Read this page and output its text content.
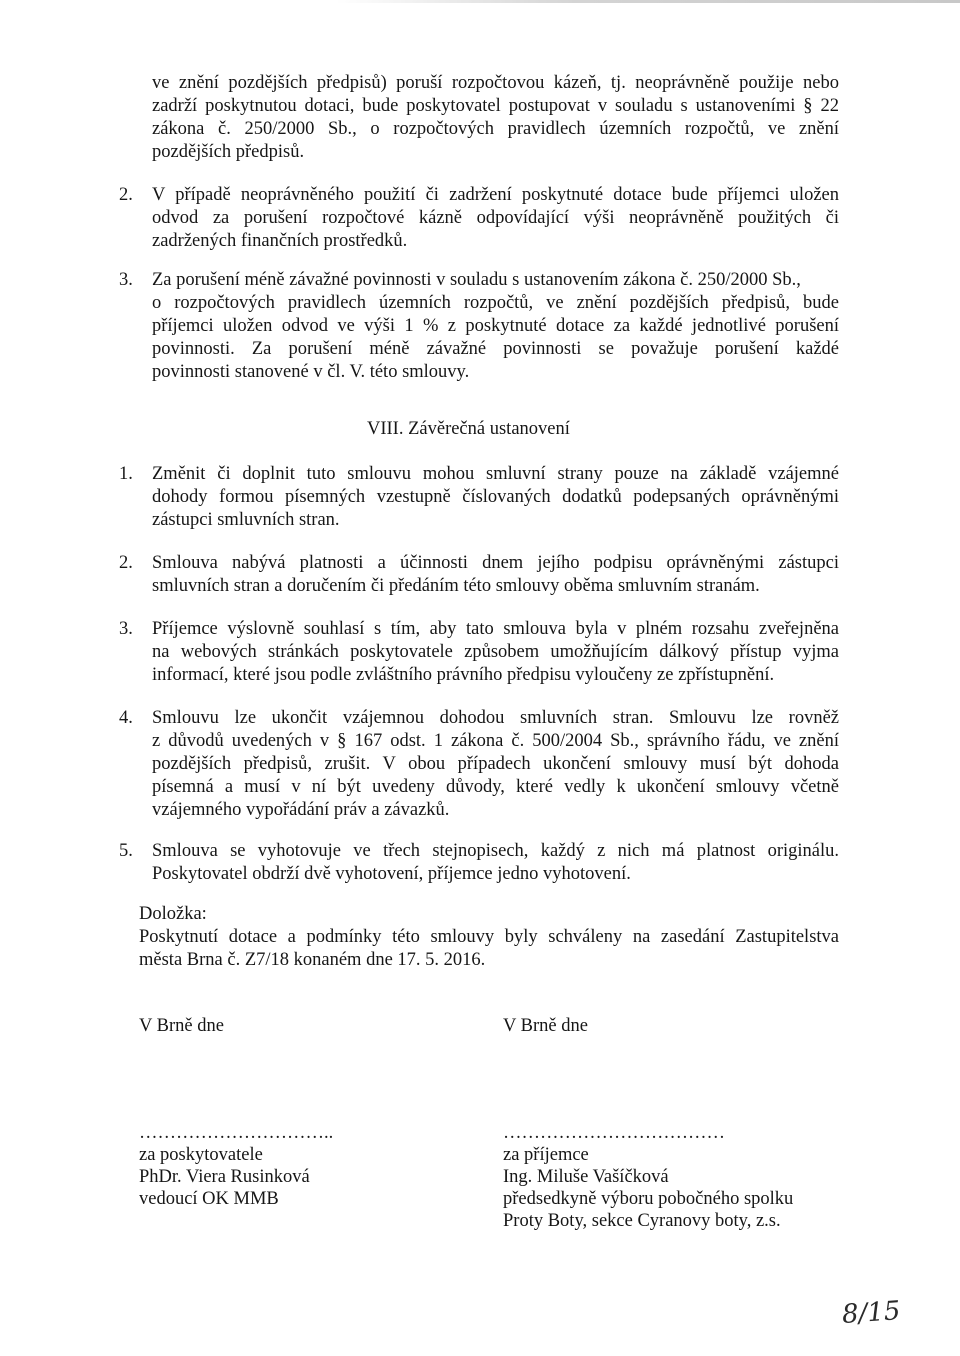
ve znění pozdějších předpisů) poruší rozpočtovou kázeň, tj. neoprávněně použije nebo
zadrží poskytnutou dotaci, bude poskytovatel postupovat v souladu s ustanoveními § 22
zákona č. 250/2000 Sb., o rozpočtových pravidlech územních rozpočtů, ve znění
pozdějších předpisů.
2. V případě neoprávněného použití či zadržení poskytnuté dotace bude příjemci uložen
odvod za porušení rozpočtové kázně odpovídající výši neoprávněně použitých či
zadržených finančních prostředků.
3. Za porušení méně závažné povinnosti v souladu s ustanovením zákona č. 250/2000 Sb.,
o rozpočtových pravidlech územních rozpočtů, ve znění pozdějších předpisů, bude
příjemci uložen odvod ve výši 1 % z poskytnuté dotace za každé jednotlivé porušení
povinnosti. Za porušení méně závažné povinnosti se považuje porušení každé
povinnosti stanovené v čl. V. této smlouvy.
VIII. Závěrečná ustanovení
1. Změnit či doplnit tuto smlouvu mohou smluvní strany pouze na základě vzájemné
dohody formou písemných vzestupně číslovaných dodatků podepsaných oprávněnými
zástupci smluvních stran.
2. Smlouva nabývá platnosti a účinnosti dnem jejího podpisu oprávněnými zástupci
smluvních stran a doručením či předáním této smlouvy oběma smluvním stranám.
3. Příjemce výslovně souhlasí s tím, aby tato smlouva byla v plném rozsahu zveřejněna
na webových stránkách poskytovatele způsobem umožňujícím dálkový přístup vyjma
informací, které jsou podle zvláštního právního předpisu vyloučeny ze zpřístupnění.
4. Smlouvu lze ukončit vzájemnou dohodou smluvních stran. Smlouvu lze rovněž
z důvodů uvedených v § 167 odst. 1 zákona č. 500/2004 Sb., správního řádu, ve znění
pozdějších předpisů, zrušit. V obou případech ukončení smlouvy musí být dohoda
písemná a musí v ní být uvedeny důvody, které vedly k ukončení smlouvy včetně
vzájemného vypořádání práv a závazků.
5. Smlouva se vyhotovuje ve třech stejnopisech, každý z nich má platnost originálu.
Poskytovatel obdrží dvě vyhotovení, příjemce jedno vyhotovení.
Doložka:
Poskytnutí dotace a podmínky této smlouvy byly schváleny na zasedání Zastupitelstva
města Brna č. Z7/18 konaném dne 17. 5. 2016.
V Brně dne	V Brně dne
…………………………..
za poskytovatele
PhDr. Viera Rusinková
vedoucí OK MMB
………………………………
za příjemce
Ing. Miluše Vašíčková
předsedkyně výboru pobočného spolku
Proty Boty, sekce Cyranovy boty, z.s.
8/15
